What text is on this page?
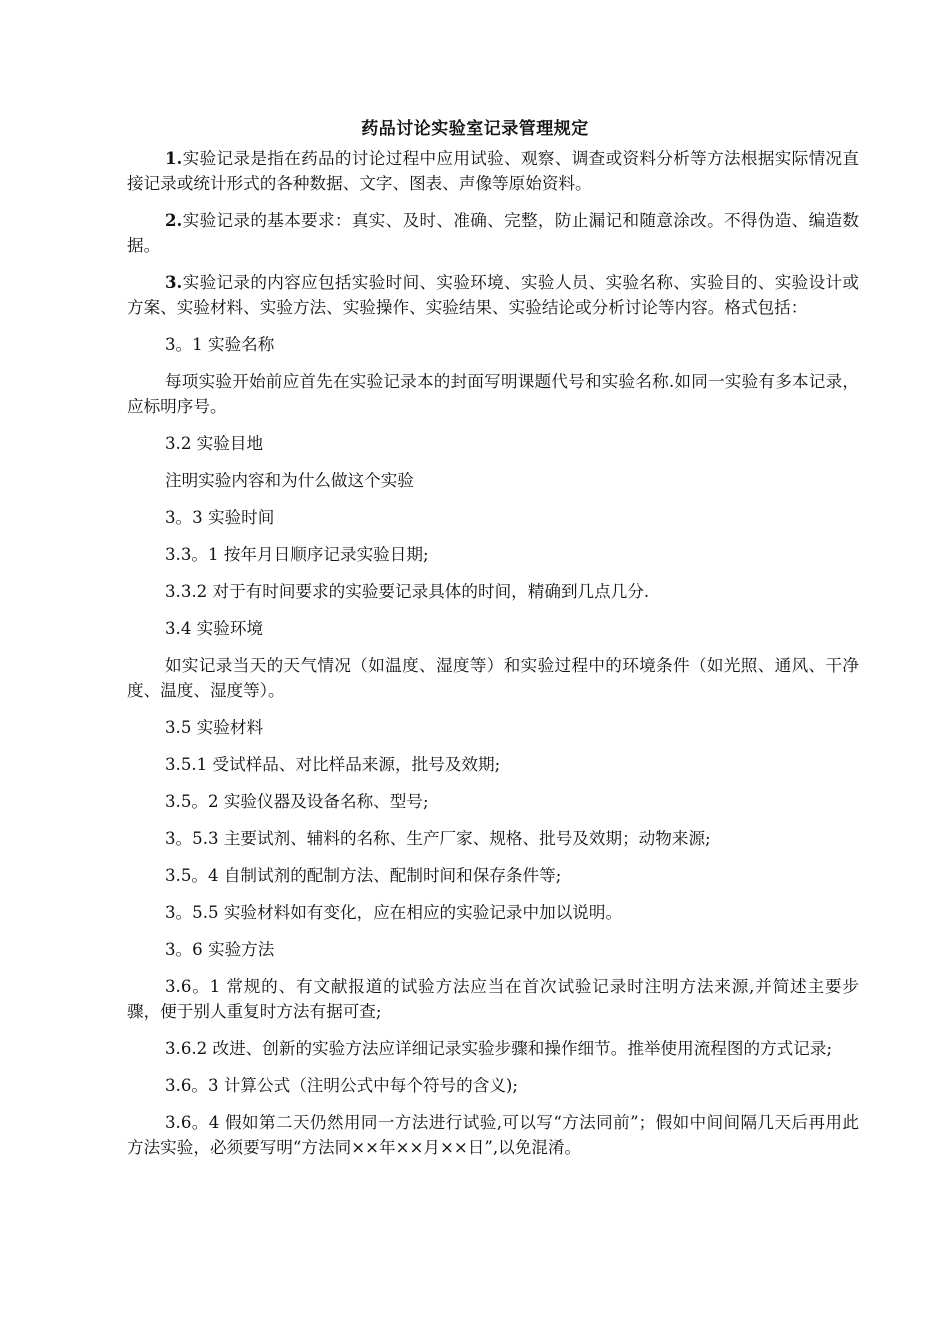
药品讨论实验室记录管理规定

1.实验记录是指在药品的讨论过程中应用试验、观察、调查或资料分析等方法根据实际情况直接记录或统计形式的各种数据、文字、图表、声像等原始资料。

2.实验记录的基本要求：真实、及时、准确、完整，防止漏记和随意涂改。不得伪造、编造数据。

3.实验记录的内容应包括实验时间、实验环境、实验人员、实验名称、实验目的、实验设计或方案、实验材料、实验方法、实验操作、实验结果、实验结论或分析讨论等内容。格式包括：

3。1 实验名称

每项实验开始前应首先在实验记录本的封面写明课题代号和实验名称.如同一实验有多本记录，应标明序号。

3.2 实验目地

注明实验内容和为什么做这个实验

3。3 实验时间

3.3。1 按年月日顺序记录实验日期;

3.3.2 对于有时间要求的实验要记录具体的时间，精确到几点几分.

3.4 实验环境

如实记录当天的天气情况（如温度、湿度等）和实验过程中的环境条件（如光照、通风、干净度、温度、湿度等）。

3.5 实验材料

3.5.1 受试样品、对比样品来源，批号及效期;

3.5。2 实验仪器及设备名称、型号;

3。5.3 主要试剂、辅料的名称、生产厂家、规格、批号及效期；动物来源;

3.5。4 自制试剂的配制方法、配制时间和保存条件等;

3。5.5 实验材料如有变化，应在相应的实验记录中加以说明。

3。6 实验方法

3.6。1 常规的、有文献报道的试验方法应当在首次试验记录时注明方法来源,并简述主要步骤，便于别人重复时方法有据可查;

3.6.2 改进、创新的实验方法应详细记录实验步骤和操作细节。推举使用流程图的方式记录;

3.6。3 计算公式（注明公式中每个符号的含义);

3.6。4 假如第二天仍然用同一方法进行试验,可以写“方法同前”；假如中间间隔几天后再用此方法实验，必须要写明“方法同××年××月××日”,以免混淆。
